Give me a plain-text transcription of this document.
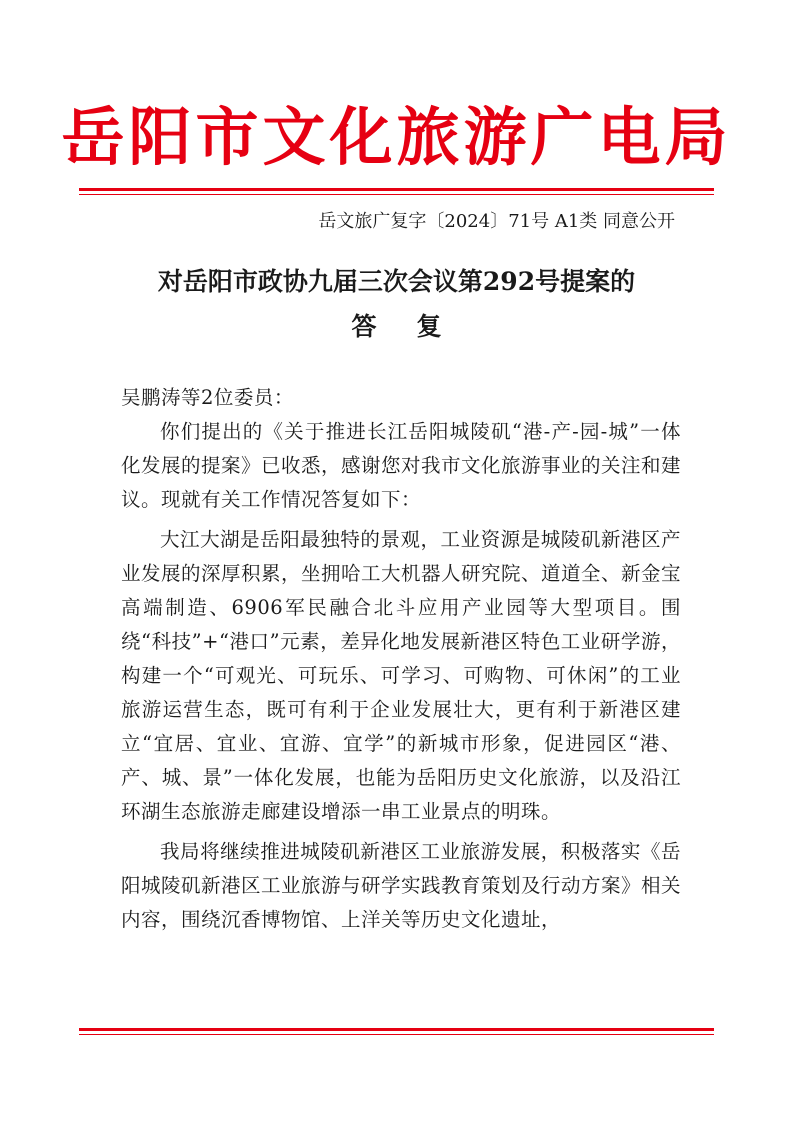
岳阳市文化旅游广电局
岳文旅广复字〔2024〕71号 A1类 同意公开
对岳阳市政协九届三次会议第292号提案的
答复

吴鹏涛等2位委员：

你们提出的《关于推进长江岳阳城陵矶“港-产-园-城”一体化发展的提案》已收悉，感谢您对我市文化旅游事业的关注和建议。现就有关工作情况答复如下：

大江大湖是岳阳最独特的景观，工业资源是城陵矶新港区产业发展的深厚积累，坐拥哈工大机器人研究院、道道全、新金宝高端制造、6906军民融合北斗应用产业园等大型项目。围绕“科技”+“港口”元素，差异化地发展新港区特色工业研学游，构建一个“可观光、可玩乐、可学习、可购物、可休闲”的工业旅游运营生态，既可有利于企业发展壮大，更有利于新港区建立“宜居、宜业、宜游、宜学”的新城市形象，促进园区“港、产、城、景”一体化发展，也能为岳阳历史文化旅游，以及沿江环湖生态旅游走廊建设增添一串工业景点的明珠。

我局将继续推进城陵矶新港区工业旅游发展，积极落实《岳阳城陵矶新港区工业旅游与研学实践教育策划及行动方案》相关内容，围绕沉香博物馆、上洋关等历史文化遗址，
